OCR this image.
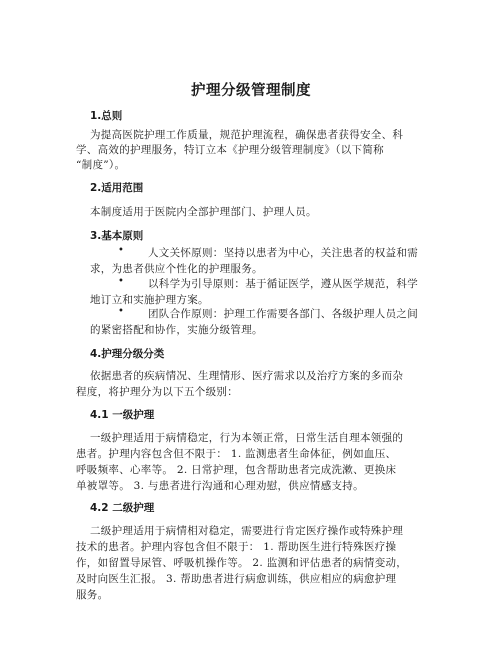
护理分级管理制度
1.总则
为提高医院护理工作质量，规范护理流程，确保患者获得安全、科
学、高效的护理服务，特订立本《护理分级管理制度》（以下简称
“制度”）。
2.适用范围
本制度适用于医院内全部护理部门、护理人员。
3.基本原则
• 人文关怀原则：坚持以患者为中心，关注患者的权益和需
求，为患者供应个性化的护理服务。
• 以科学为引导原则：基于循证医学，遵从医学规范，科学
地订立和实施护理方案。
• 团队合作原则：护理工作需要各部门、各级护理人员之间
的紧密搭配和协作，实施分级管理。
4.护理分级分类
依据患者的疾病情况、生理情形、医疗需求以及治疗方案的多而杂
程度，将护理分为以下五个级别：
4.1 一级护理
一级护理适用于病情稳定，行为本领正常，日常生活自理本领强的
患者。护理内容包含但不限于： 1. 监测患者生命体征，例如血压、
呼吸频率、心率等。 2. 日常护理，包含帮助患者完成洗漱、更换床
单被罩等。 3. 与患者进行沟通和心理劝慰，供应情感支持。
4.2 二级护理
二级护理适用于病情相对稳定，需要进行肯定医疗操作或特殊护理
技术的患者。护理内容包含但不限于： 1. 帮助医生进行特殊医疗操
作，如留置导尿管、呼吸机操作等。 2. 监测和评估患者的病情变动，
及时向医生汇报。 3. 帮助患者进行病愈训练，供应相应的病愈护理
服务。
